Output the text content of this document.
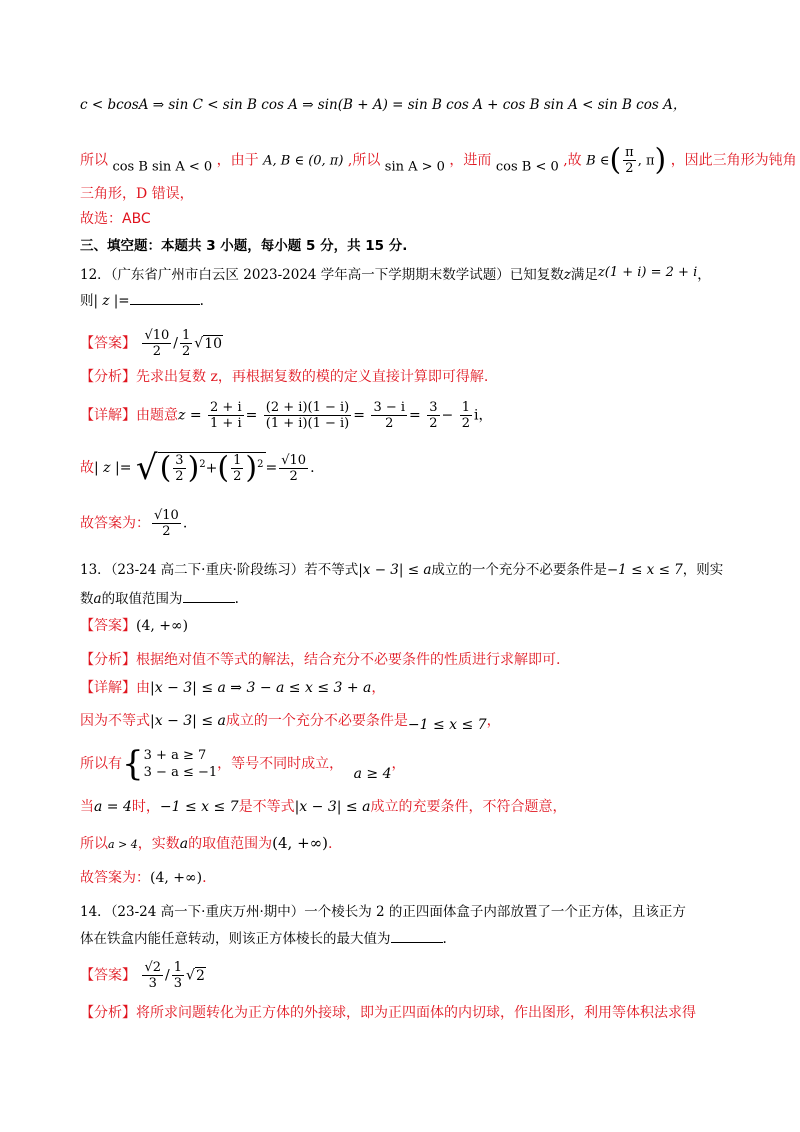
c < bcosA ⇒ sin C < sin B cos A ⇒ sin(B + A) = sin B cos A + cos B sin A < sin B cos A，
所以 cos B sin A < 0 ，由于 A, B ∈ (0, π) ,所以 sin A > 0 ，进而 cos B < 0 ,故 B ∈( $\frac{\pi}{2}$ , π) ，因此三角形为钝角
三角形，D 错误，
故选：ABC
三、填空题：本题共 3 小题，每小题 5 分，共 15 分.
12．（广东省广州市白云区 2023-2024 学年高一下学期期末数学试题）已知复数z满足z(1 + i) = 2 + i，
则| z |=	.
【答案】 $\frac{√10}{2} / \frac{1}{2} √10$
【分析】先求出复数 z，再根据复数的模的定义直接计算即可得解.
【详解】由题意$z = \frac{2 + i}{1 + i} = \frac{(2 + i)(1 - i)}{(1 + i)(1 - i)} = \frac{3 - i}{2} = \frac{3}{2} - \frac{1}{2}$ i，
故| z |= √( $\frac{3}{2} )^2+( \frac{1}{2} )^2 = \frac{√10}{2}$ .
故答案为： $\frac{√10}{2}$ .
13．（23-24 高二下·重庆·阶段练习）若不等式|x − 3| ≤ a成立的一个充分不必要条件是−1 ≤ x ≤ 7，则实
数a的取值范围为	.
【答案】(4, +∞)
【分析】根据绝对值不等式的解法，结合充分不必要条件的性质进行求解即可.
【详解】由|x − 3| ≤ a ⇒ 3 − a ≤ x ≤ 3 + a，
因为不等式|x − 3| ≤ a成立的一个充分不必要条件是−1 ≤ x ≤ 7，
所以有 { 3 + a ≥ 7
3 − a ≤ −1
，等号不同时成立， a ≥ 4，
当a = 4时，−1 ≤ x ≤ 7是不等式|x − 3| ≤ a成立的充要条件，不符合题意，
所以a > 4，实数a的取值范围为(4, +∞).
故答案为：(4, +∞).
14．（23-24 高一下·重庆万州·期中）一个棱长为 2 的正四面体盒子内部放置了一个正方体，且该正方
体在铁盒内能任意转动，则该正方体棱长的最大值为	.
【答案】 $\frac{√2}{3} / \frac{1}{3} √2$
【分析】将所求问题转化为正方体的外接球，即为正四面体的内切球，作出图形，利用等体积法求得
